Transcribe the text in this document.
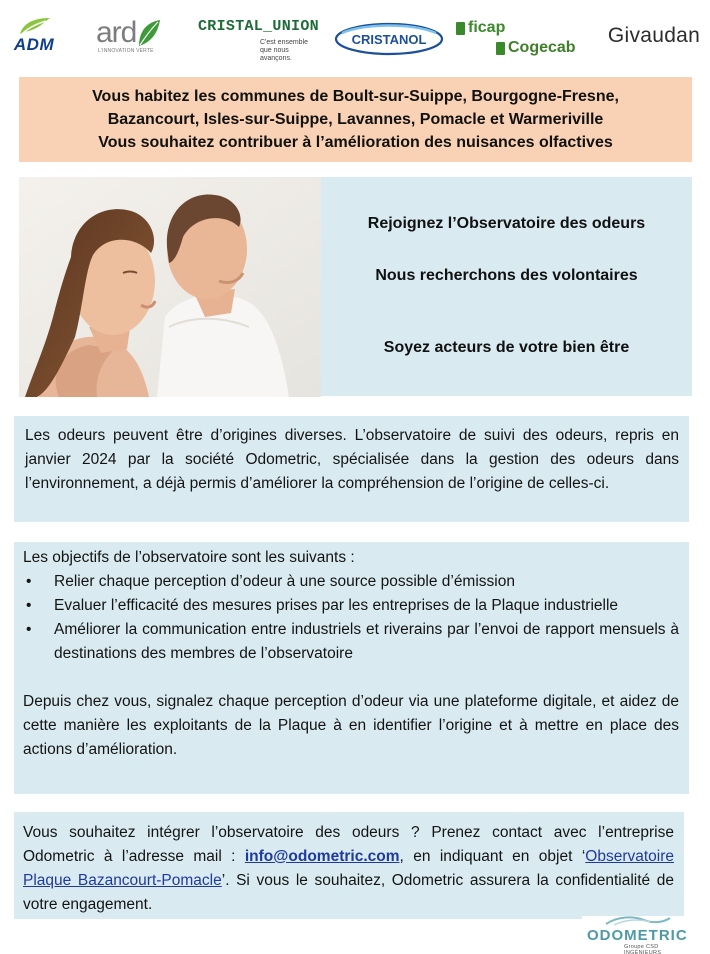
ADM ard
L'INNOVATION VERTE
CRISTAL_UNION
C'est ensemble que nous avançons.
CRISTANOL
ficap
Cogecab
Givaudan

Vous habitez les communes de Boult-sur-Suippe, Bourgogne-Fresne,

Bazancourt, Isles-sur-Suippe, Lavannes, Pomacle et Warmeriville

Vous souhaitez contribuer à l’amélioration des nuisances olfactives

Rejoignez l’Observatoire des odeurs

Nous recherchons des volontaires

Soyez acteurs de votre bien être

Les odeurs peuvent être d’origines diverses. L’observatoire de suivi des odeurs, repris en janvier 2024 par la société Odometric, spécialisée dans la gestion des odeurs dans l’environnement, a déjà permis d’améliorer la compréhension de l’origine de celles-ci.

Les objectifs de l’observatoire sont les suivants :

• Relier chaque perception d’odeur à une source possible d’émission
• Evaluer l’efficacité des mesures prises par les entreprises de la Plaque industrielle
• Améliorer la communication entre industriels et riverains par l’envoi de rapport mensuels à destinations des membres de l’observatoire

Depuis chez vous, signalez chaque perception d’odeur via une plateforme digitale, et aidez de cette manière les exploitants de la Plaque à en identifier l’origine et à mettre en place des actions d’amélioration.

Vous souhaitez intégrer l’observatoire des odeurs ? Prenez contact avec l’entreprise Odometric à l’adresse mail : info@odometric.com, en indiquant en objet ‘Observatoire Plaque Bazancourt-Pomacle’. Si vous le souhaitez, Odometric assurera la confidentialité de votre engagement.

ODOMETRIC
Groupe CSD INGÉNIEURS
